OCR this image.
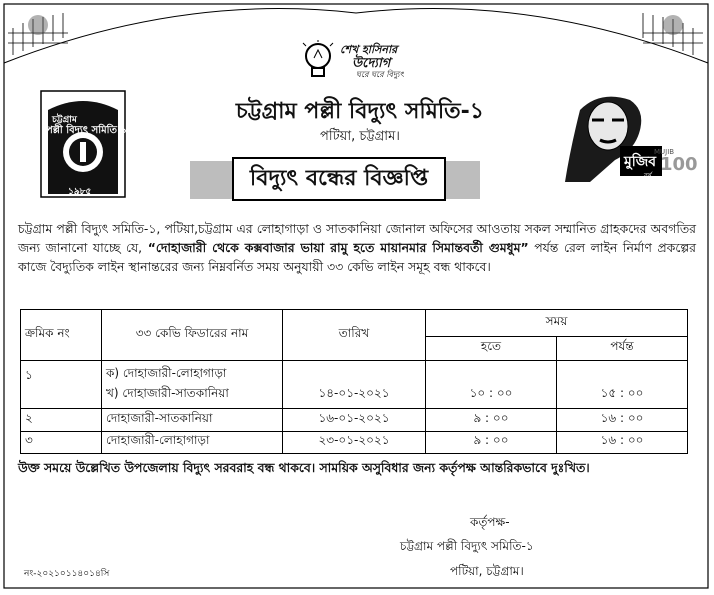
শেখ হাসিনার
উদ্যোগ
ঘরে ঘরে বিদ্যুৎ
চট্টগ্রাম
পল্লী বিদ্যুৎ সমিতি ১
১৯৮৫
চট্টগ্রাম পল্লী বিদ্যুৎ সমিতি-১
পটিয়া, চট্টগ্রাম।
বিদ্যুৎ বন্ধের বিজ্ঞপ্তি
মুজিব
MUJIB
100
বর্ষ
চট্টগ্রাম পল্লী বিদ্যুৎ সমিতি-১, পটিয়া,চট্টগ্রাম এর লোহাগাড়া ও সাতকানিয়া জোনাল অফিসের আওতায় সকল সম্মানিত গ্রাহকদের অবগতির জন্য জানানো যাচ্ছে যে, “দোহাজারী থেকে কক্সবাজার ভায়া রামু হতে মায়ানমার সিমান্তবর্তী গুমধুম” পর্যন্ত রেল লাইন নির্মাণ প্রকল্পের কাজে বৈদ্যুতিক লাইন স্থানান্তরের জন্য নিম্নবর্নিত সময় অনুযায়ী ৩৩ কেভি লাইন সমূহ বন্ধ থাকবে।
ক্রমিক নং	৩৩ কেভি ফিডারের নাম	তারিখ	সময়	
			হতে	পর্যন্ত
১	ক) দোহাজারী-লোহাগাড়া
খ) দোহাজারী-সাতকানিয়া	১৪-০১-২০২১	১০ : ০০	১৫ : ০০
২	দোহাজারী-সাতকানিয়া	১৬-০১-২০২১	৯ : ০০	১৬ : ০০
৩	দোহাজারী-লোহাগাড়া	২৩-০১-২০২১	৯ : ০০	১৬ : ০০
উক্ত সময়ে উল্লেখিত উপজেলায় বিদ্যুৎ সরবরাহ বন্ধ থাকবে। সাময়িক অসুবিধার জন্য কর্তৃপক্ষ আন্তরিকভাবে দুঃখিত।
কর্তৃপক্ষ-
চট্টগ্রাম পল্লী বিদ্যুৎ সমিতি-১
পটিয়া, চট্টগ্রাম।
নং-২০২১০১১৪০১৪সি
